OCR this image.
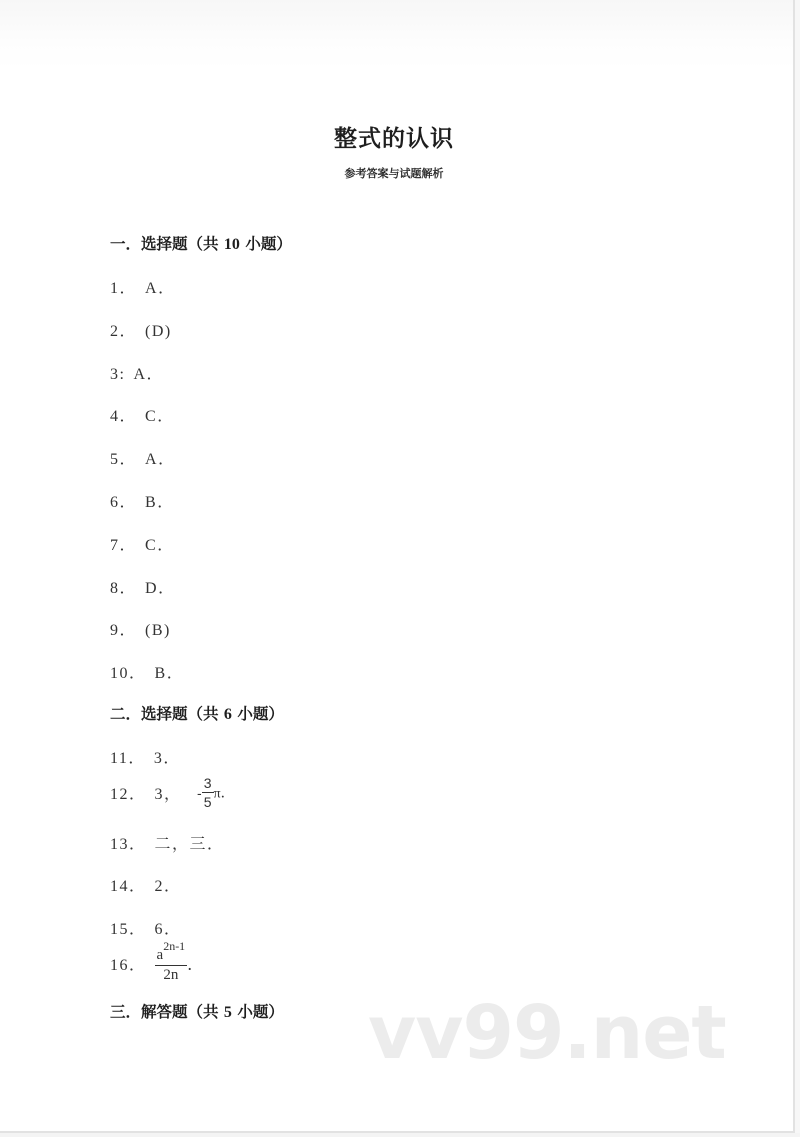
整式的认识
参考答案与试题解析
一．选择题（共 10 小题）
1． A．
2． (D)
3: A．
4． C．
5． A．
6． B．
7． C．
8． D．
9． (B)
10． B．
二．选择题（共 6 小题）
11． 3．
12． 3， - $\frac{3}{5}$ π．
13． 二，三．
14． 2．
15． 6．
16． $\frac{a^{2n-1}}{2n}$ ．
三．解答题（共 5 小题） vv99.net
